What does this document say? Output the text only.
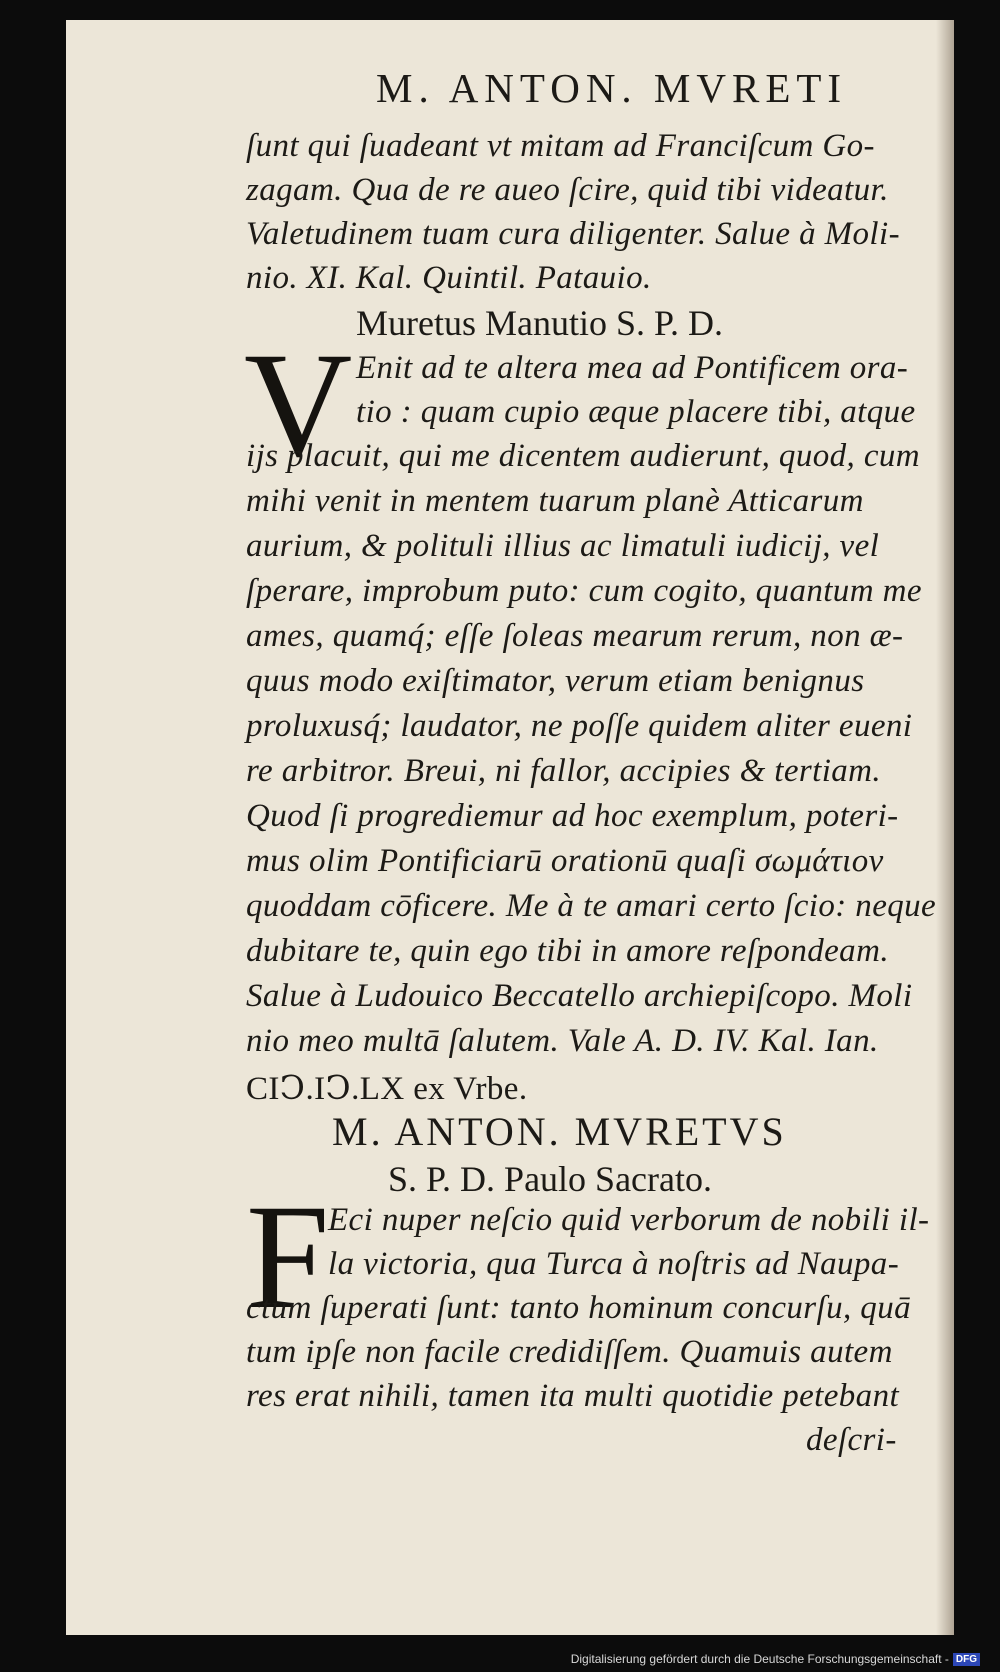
M. ANTON. MVRETI
ſunt qui ſuadeant vt mitam ad Franciſcum Go-
zagam. Qua de re aueo ſcire, quid tibi videatur.
Valetudinem tuam cura diligenter. Salue à Moli-
nio. XI. Kal. Quintil. Patauio.
Muretus Manutio S. P. D.
V Enit ad te altera mea ad Pontificem ora-
tio : quam cupio æque placere tibi, atque
ijs placuit, qui me dicentem audierunt, quod, cum
mihi venit in mentem tuarum planè Atticarum
aurium, & polituli illius ac limatuli iudicij, vel
ſperare, improbum puto: cum cogito, quantum me
ames, quamq́; eſſe ſoleas mearum rerum, non æ-
quus modo exiſtimator, verum etiam benignus
proluxusq́; laudator, ne poſſe quidem aliter eueni
re arbitror. Breui, ni fallor, accipies & tertiam.
Quod ſi progrediemur ad hoc exemplum, poteri-
mus olim Pontificiarū orationū quaſi σωμάτιον
quoddam cōficere. Me à te amari certo ſcio: neque
dubitare te, quin ego tibi in amore reſpondeam.
Salue à Ludouico Beccatello archiepiſcopo. Moli
nio meo multā ſalutem. Vale A. D. IV. Kal. Ian.
CIↃ.IↃ.LX ex Vrbe.
M. ANTON. MVRETVS
S. P. D. Paulo Sacrato.
F
Eci nuper neſcio quid verborum de nobili il-
la victoria, qua Turca à noſtris ad Naupa-
ctum ſuperati ſunt: tanto hominum concurſu, quā
tum ipſe non facile credidiſſem. Quamuis autem
res erat nihili, tamen ita multi quotidie petebant
deſcri-
Digitalisierung gefördert durch die Deutsche Forschungsgemeinschaft - DFG
